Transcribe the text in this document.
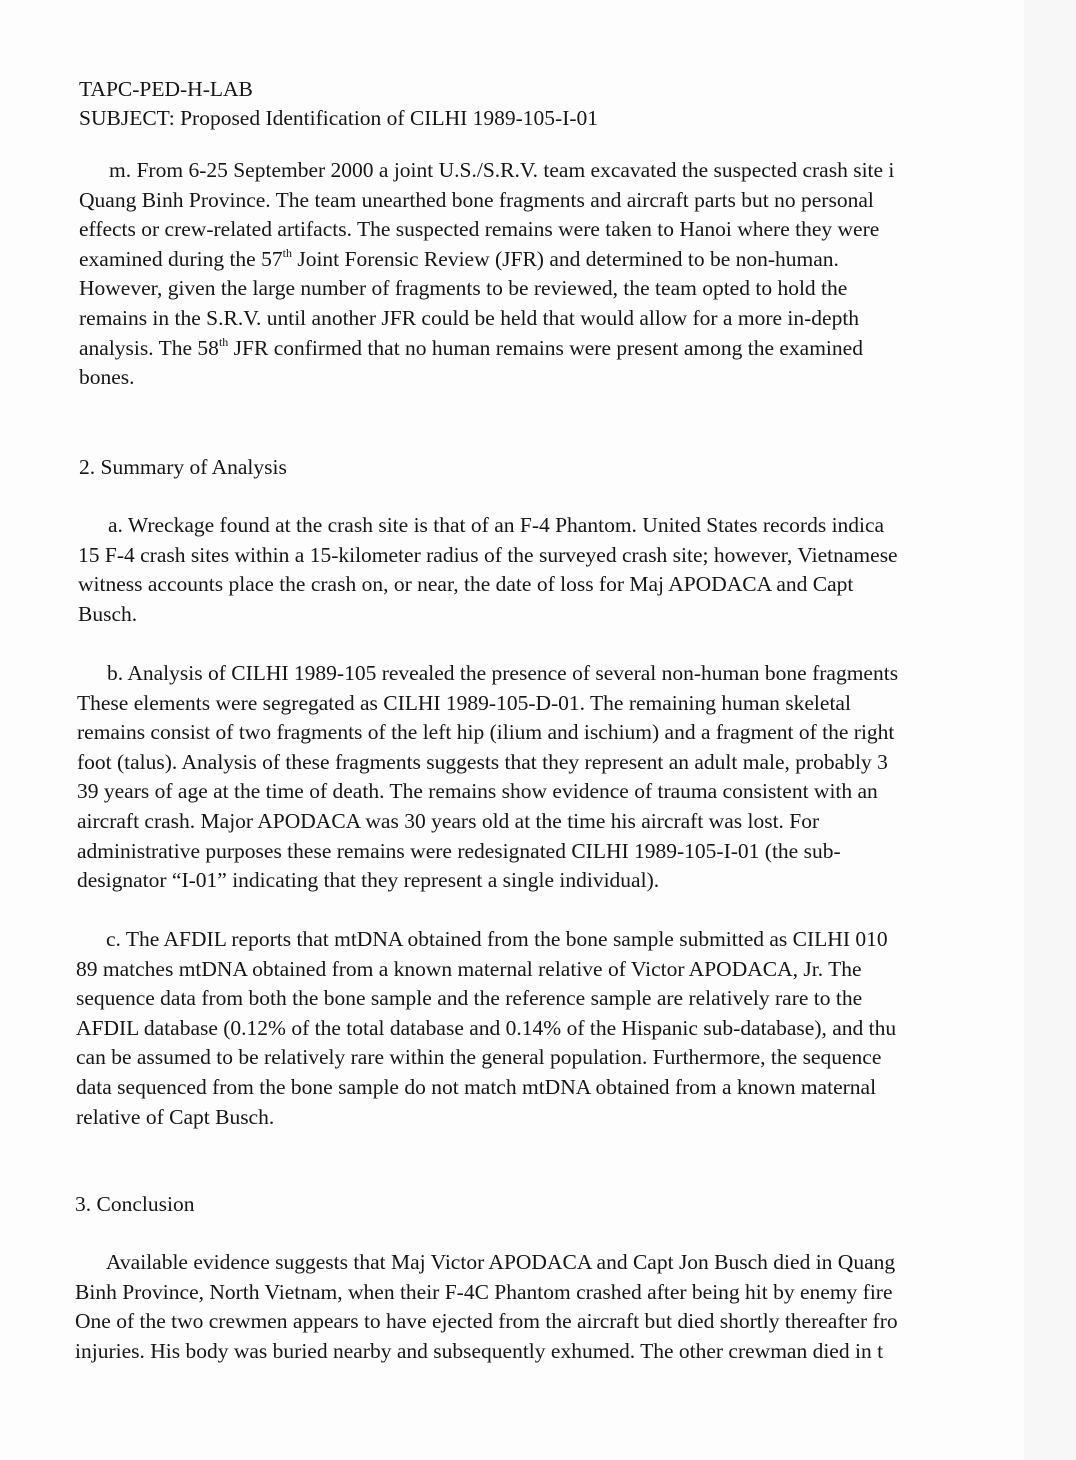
TAPC-PED-H-LAB
SUBJECT: Proposed Identification of CILHI 1989-105-I-01
m. From 6-25 September 2000 a joint U.S./S.R.V. team excavated the suspected crash site i
Quang Binh Province. The team unearthed bone fragments and aircraft parts but no personal
effects or crew-related artifacts. The suspected remains were taken to Hanoi where they were
examined during the 57th Joint Forensic Review (JFR) and determined to be non-human.
However, given the large number of fragments to be reviewed, the team opted to hold the
remains in the S.R.V. until another JFR could be held that would allow for a more in-depth
analysis. The 58th JFR confirmed that no human remains were present among the examined
bones.
2. Summary of Analysis
a. Wreckage found at the crash site is that of an F-4 Phantom. United States records indica
15 F-4 crash sites within a 15-kilometer radius of the surveyed crash site; however, Vietnamese
witness accounts place the crash on, or near, the date of loss for Maj APODACA and Capt
Busch.
b. Analysis of CILHI 1989-105 revealed the presence of several non-human bone fragments
These elements were segregated as CILHI 1989-105-D-01. The remaining human skeletal
remains consist of two fragments of the left hip (ilium and ischium) and a fragment of the right
foot (talus). Analysis of these fragments suggests that they represent an adult male, probably 3
39 years of age at the time of death. The remains show evidence of trauma consistent with an
aircraft crash. Major APODACA was 30 years old at the time his aircraft was lost. For
administrative purposes these remains were redesignated CILHI 1989-105-I-01 (the sub-
designator “I-01” indicating that they represent a single individual).
c. The AFDIL reports that mtDNA obtained from the bone sample submitted as CILHI 010
89 matches mtDNA obtained from a known maternal relative of Victor APODACA, Jr. The
sequence data from both the bone sample and the reference sample are relatively rare to the
AFDIL database (0.12% of the total database and 0.14% of the Hispanic sub-database), and thu
can be assumed to be relatively rare within the general population. Furthermore, the sequence
data sequenced from the bone sample do not match mtDNA obtained from a known maternal
relative of Capt Busch.
3. Conclusion
Available evidence suggests that Maj Victor APODACA and Capt Jon Busch died in Quang
Binh Province, North Vietnam, when their F-4C Phantom crashed after being hit by enemy fire
One of the two crewmen appears to have ejected from the aircraft but died shortly thereafter fro
injuries. His body was buried nearby and subsequently exhumed. The other crewman died in t
